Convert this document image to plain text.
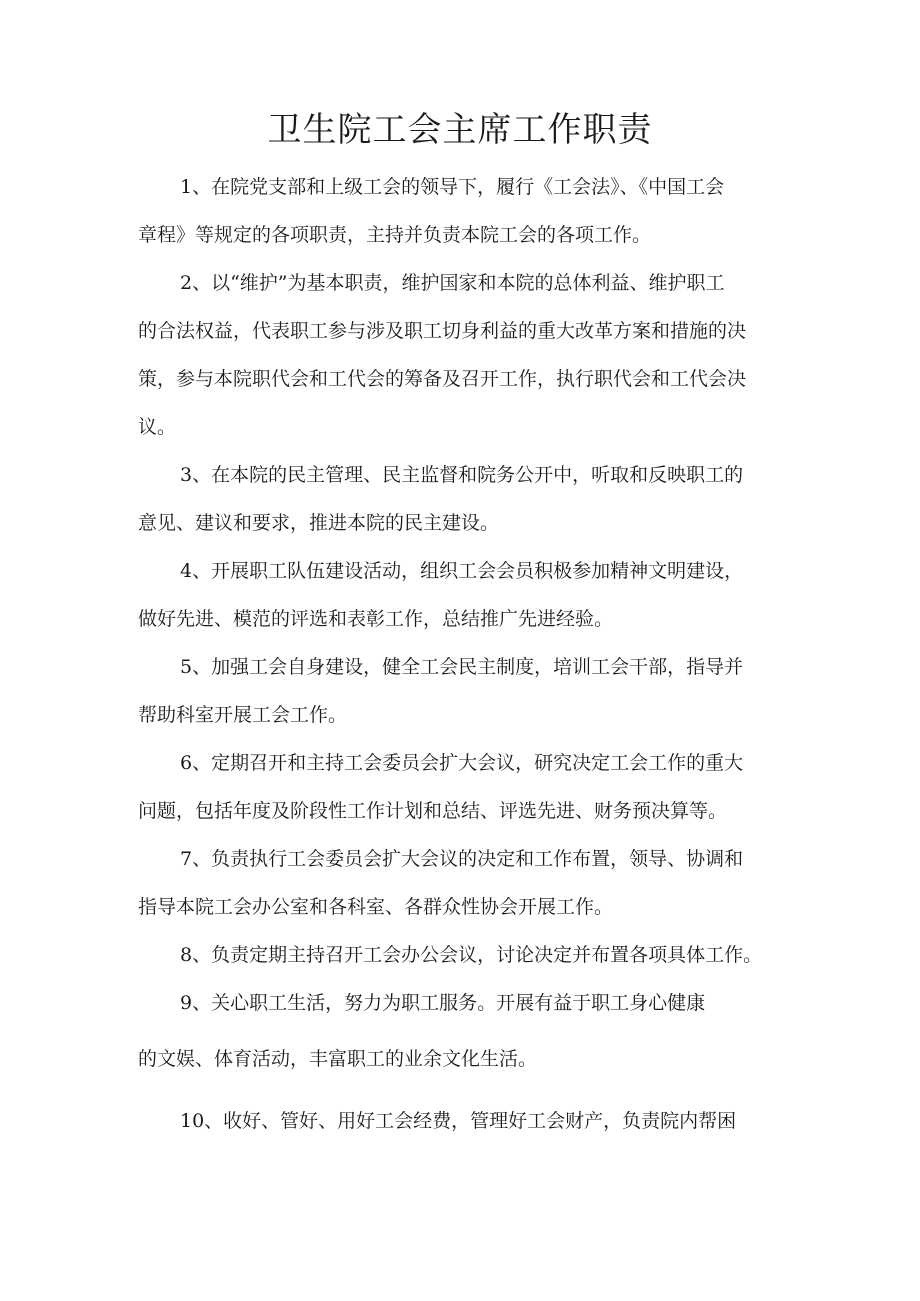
卫生院工会主席工作职责
1、在院党支部和上级工会的领导下，履行《工会法》、《中国工会
章程》等规定的各项职责，主持并负责本院工会的各项工作。
2、以“维护”为基本职责，维护国家和本院的总体利益、维护职工
的合法权益，代表职工参与涉及职工切身利益的重大改革方案和措施的决
策，参与本院职代会和工代会的筹备及召开工作，执行职代会和工代会决
议。
3、在本院的民主管理、民主监督和院务公开中，听取和反映职工的
意见、建议和要求，推进本院的民主建设。
4、开展职工队伍建设活动，组织工会会员积极参加精神文明建设，
做好先进、模范的评选和表彰工作，总结推广先进经验。
5、加强工会自身建设，健全工会民主制度，培训工会干部，指导并
帮助科室开展工会工作。
6、定期召开和主持工会委员会扩大会议，研究决定工会工作的重大
问题，包括年度及阶段性工作计划和总结、评选先进、财务预决算等。
7、负责执行工会委员会扩大会议的决定和工作布置，领导、协调和
指导本院工会办公室和各科室、各群众性协会开展工作。
8、负责定期主持召开工会办公会议，讨论决定并布置各项具体工作。
9、关心职工生活，努力为职工服务。开展有益于职工身心健康
的文娱、体育活动，丰富职工的业余文化生活。
10、收好、管好、用好工会经费，管理好工会财产，负责院内帮困
